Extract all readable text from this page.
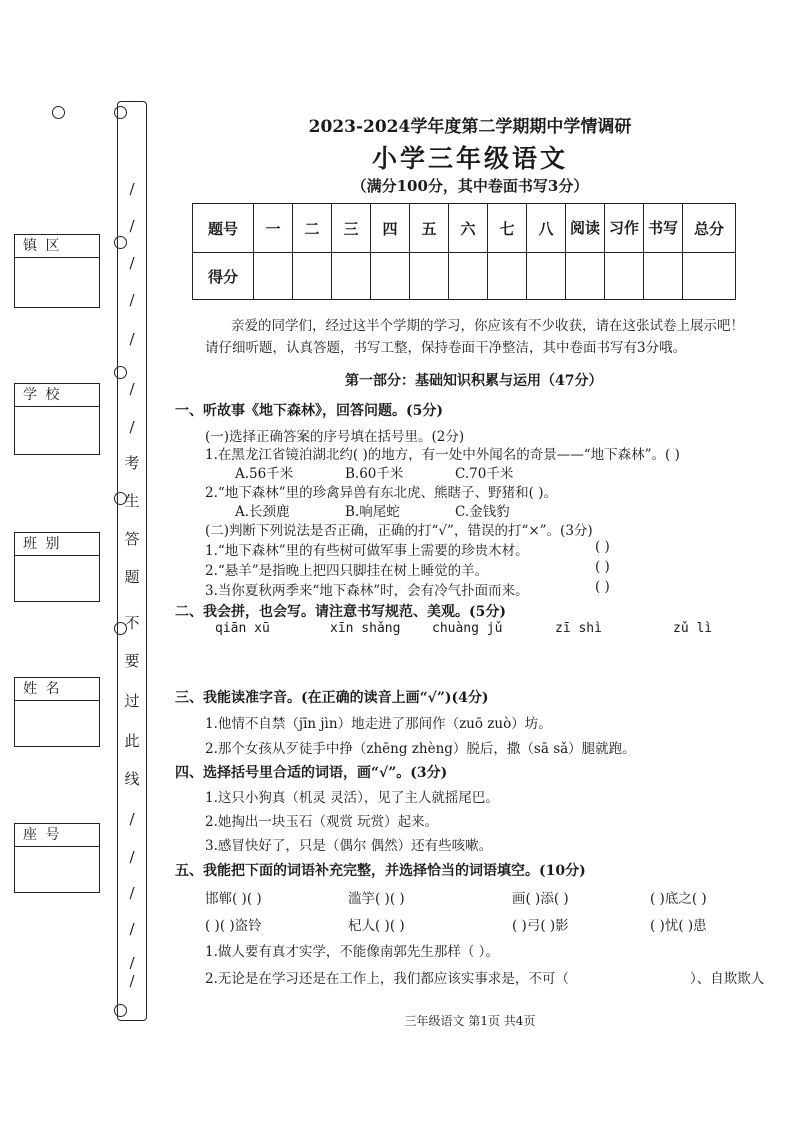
/
/
/
/
/
/
/
考
生
答
题
不
要
过
此
线
/
/
/
/
/
/
镇 区
学 校
班 别
姓 名
座 号
2023-2024学年度第二学期期中学情调研
小学三年级语文
（满分100分，其中卷面书写3分）
题号	一	二	三	四	五	六	七	八	阅读	习作	书写	总分
得分												
亲爱的同学们，经过这半个学期的学习，你应该有不少收获，请在这张试卷上展示吧！
请仔细听题，认真答题，书写工整，保持卷面干净整洁，其中卷面书写有3分哦。
第一部分：基础知识积累与运用（47分）
一、听故事《地下森林》，回答问题。(5分)
(一)选择正确答案的序号填在括号里。(2分)
1.在黑龙江省镜泊湖北约( )的地方，有一处中外闻名的奇景——“地下森林”。( )
A.56千米	B.60千米	C.70千米
2.“地下森林”里的珍禽异兽有东北虎、熊瞎子、野猪和( )。
A.长颈鹿	B.响尾蛇	C.金钱豹
(二)判断下列说法是否正确，正确的打“√”，错误的打“×”。(3分)
1.“地下森林”里的有些树可做军事上需要的珍贵木材。	( )
2.“悬羊”是指晚上把四只脚挂在树上睡觉的羊。	( )
3.当你夏秋两季来“地下森林”时，会有冷气扑面而来。	( )
二、我会拼，也会写。请注意书写规范、美观。(5分)
qiān xū	xīn shǎng chuàng jǔ	zī shì	zǔ lì
三、我能读准字音。(在正确的读音上画“√”)(4分)
1.他情不自禁（jīn jìn）地走进了那间作（zuō zuò）坊。
2.那个女孩从歹徒手中挣（zhēng zhèng）脱后，撒（sā sǎ）腿就跑。
四、选择括号里合适的词语，画“√”。(3分)
1.这只小狗真（机灵 灵活），见了主人就摇尾巴。
2.她掏出一块玉石（观赏 玩赏）起来。
3.感冒快好了，只是（偶尔 偶然）还有些咳嗽。
五、我能把下面的词语补充完整，并选择恰当的词语填空。(10分)
邯郸( )( )	滥竽( )( )	画( )添( )	( )底之( )
( )( )盗铃	杞人( )( )	( )弓( )影	( )忧( )患
1.做人要有真才实学，不能像南郭先生那样（ ）。
2.无论是在学习还是在工作上，我们都应该实事求是，不可（	）、自欺欺人
三年级语文 第1页 共4页
